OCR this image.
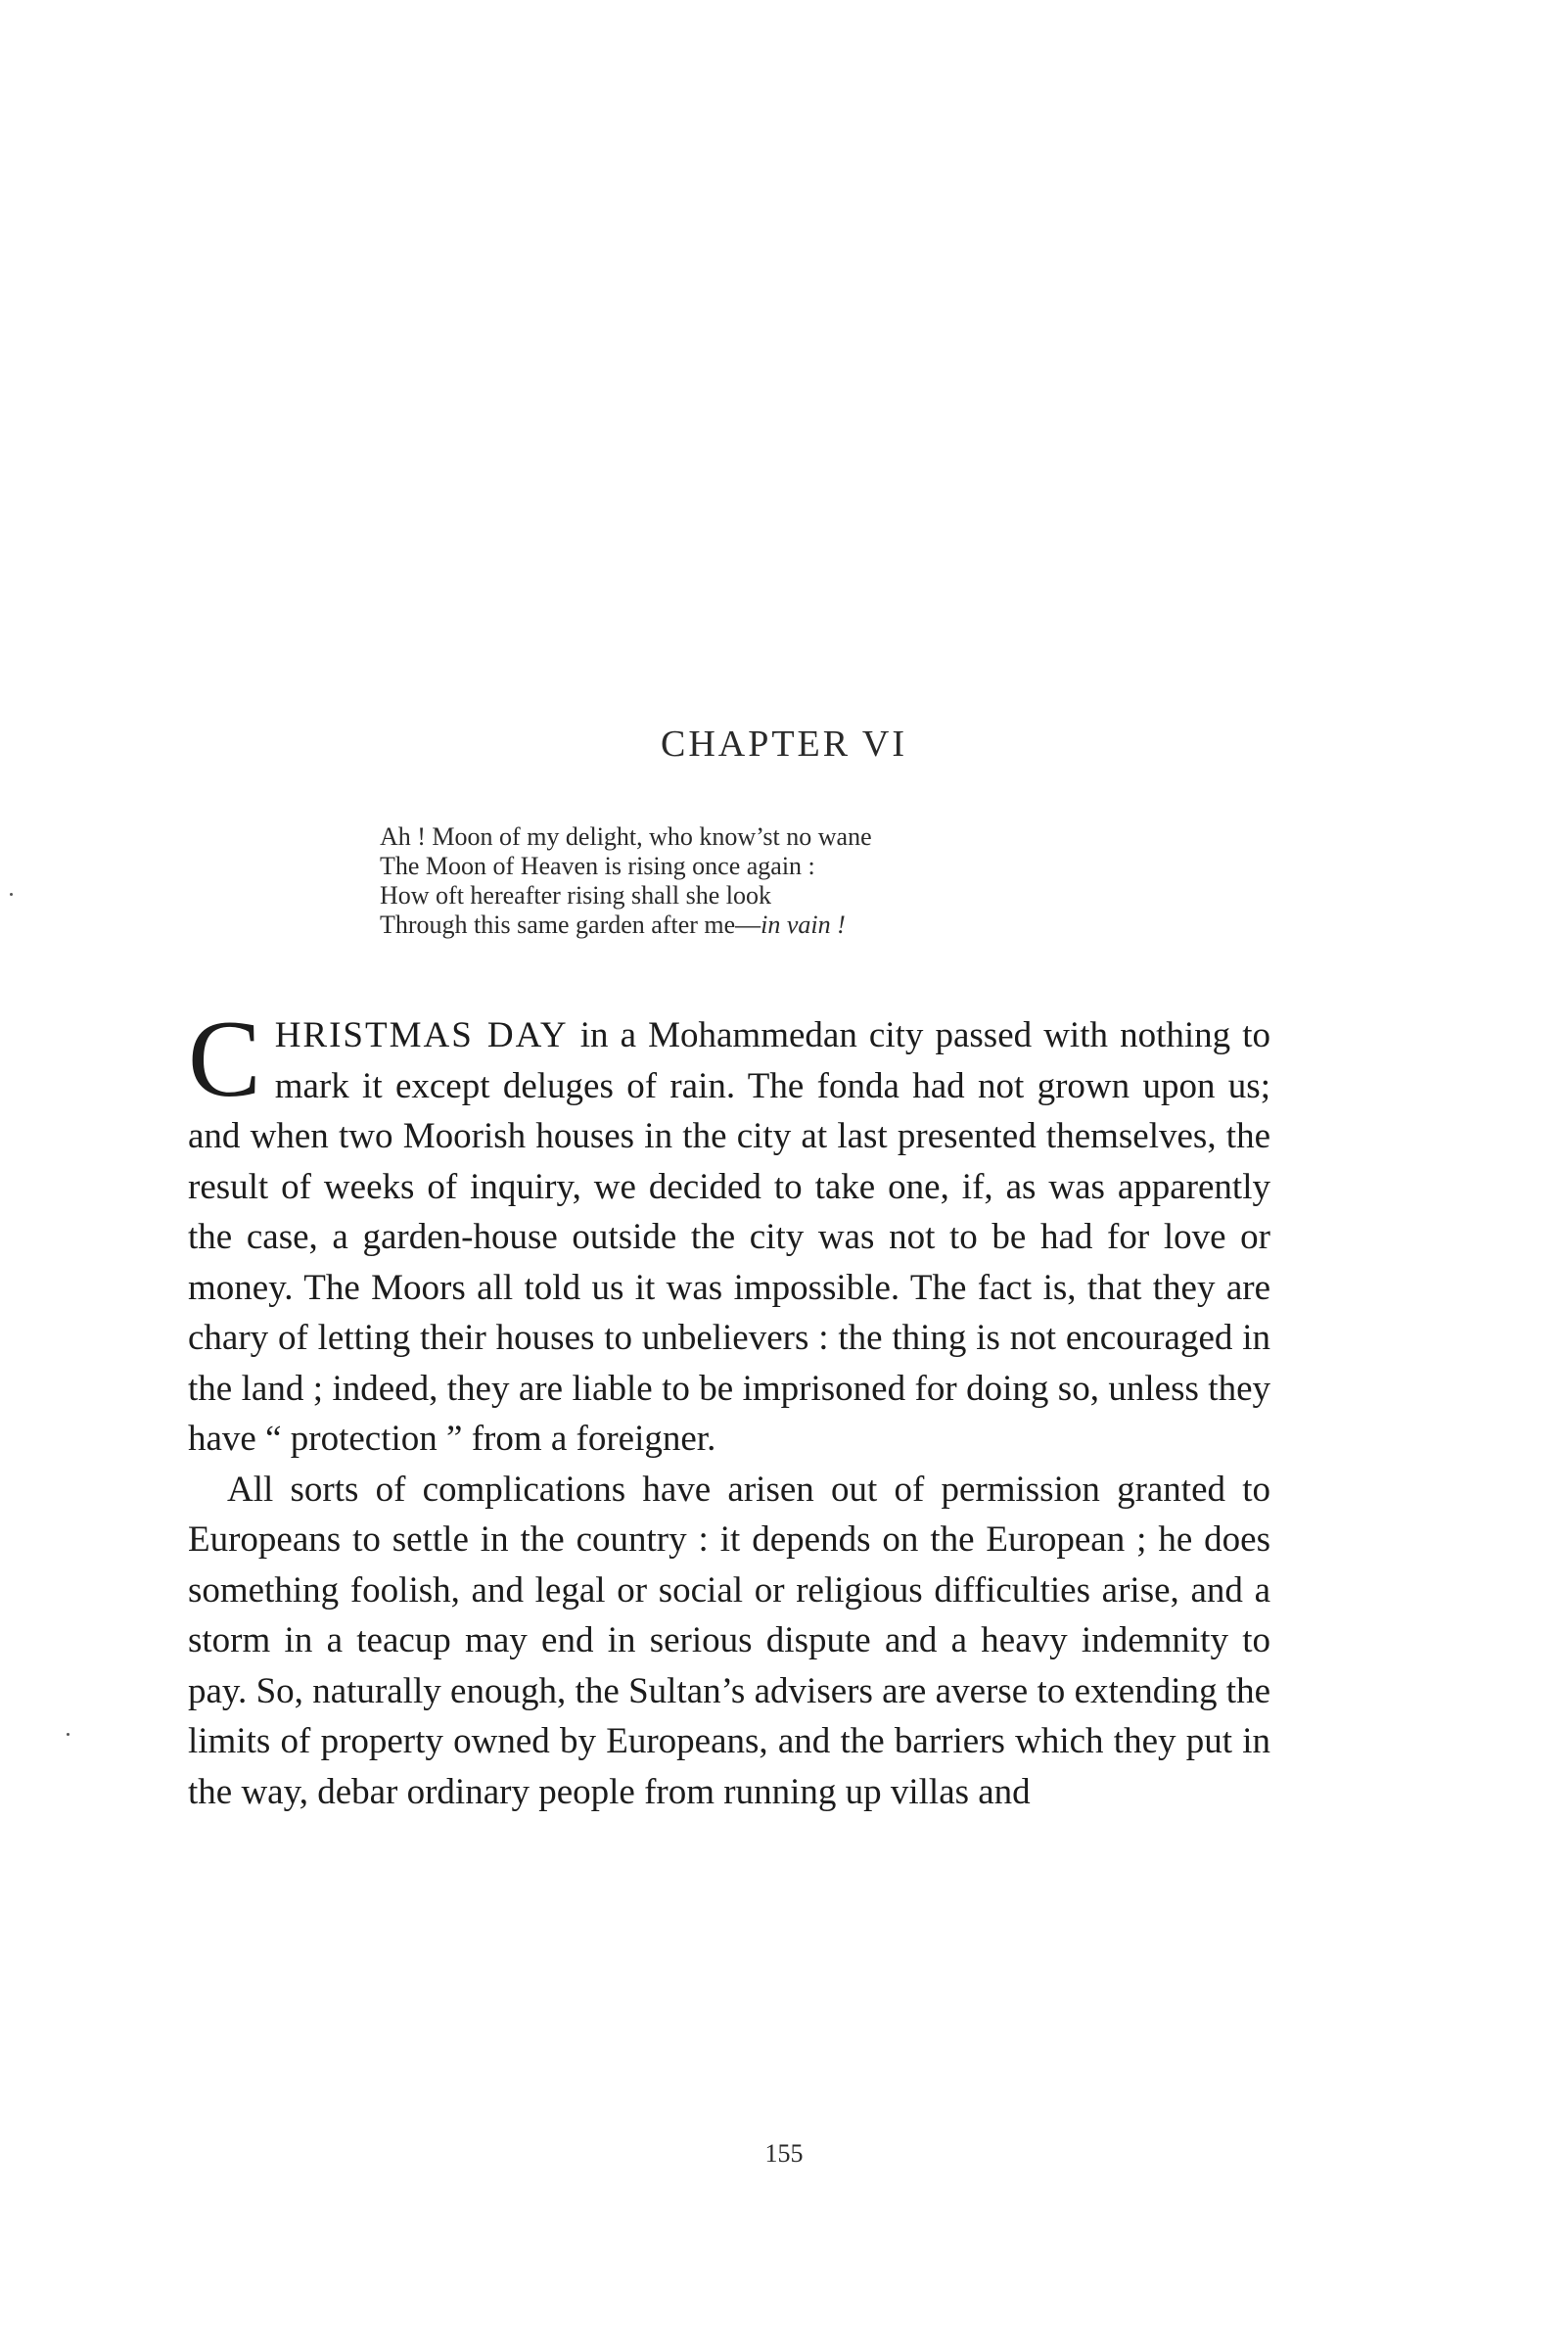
CHAPTER VI
Ah ! Moon of my delight, who know’st no wane
The Moon of Heaven is rising once again :
How oft hereafter rising shall she look
Through this same garden after me—in vain !

CHRISTMAS DAY in a Mohammedan city passed with nothing to mark it except deluges of rain. The fonda had not grown upon us; and when two Moorish houses in the city at last presented themselves, the result of weeks of inquiry, we decided to take one, if, as was apparently the case, a garden-house outside the city was not to be had for love or money. The Moors all told us it was impossible. The fact is, that they are chary of letting their houses to unbelievers : the thing is not encouraged in the land ; indeed, they are liable to be imprisoned for doing so, unless they have “ protection ” from a foreigner.

All sorts of complications have arisen out of permission granted to Europeans to settle in the country : it depends on the European ; he does something foolish, and legal or social or religious difficulties arise, and a storm in a teacup may end in serious dispute and a heavy indemnity to pay. So, naturally enough, the Sultan’s advisers are averse to extending the limits of property owned by Europeans, and the barriers which they put in the way, debar ordinary people from running up villas and

155
